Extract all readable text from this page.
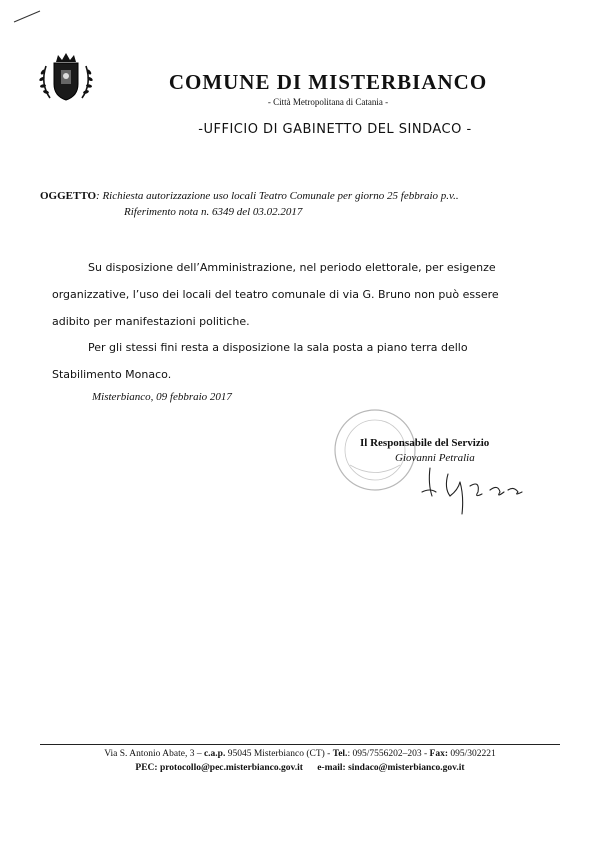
COMUNE DI MISTERBIANCO
- Città Metropolitana di Catania -
-UFFICIO DI GABINETTO DEL SINDACO -
OGGETTO: Richiesta autorizzazione uso locali Teatro Comunale per giorno 25 febbraio p.v..
Riferimento nota n. 6349 del 03.02.2017
Su disposizione dell’Amministrazione, nel periodo elettorale, per esigenze
organizzative, l’uso dei locali del teatro comunale di via G. Bruno non può essere
adibito per manifestazioni politiche.
Per gli stessi fini resta a disposizione la sala posta a piano terra dello
Stabilimento Monaco.
Misterbianco, 09 febbraio 2017
Il Responsabile del Servizio
Giovanni Petralia
Via S. Antonio Abate, 3 – c.a.p. 95045 Misterbianco (CT) - Tel.: 095/7556202–203 - Fax: 095/302221
PEC: protocollo@pec.misterbianco.gov.it e-mail: sindaco@misterbianco.gov.it
